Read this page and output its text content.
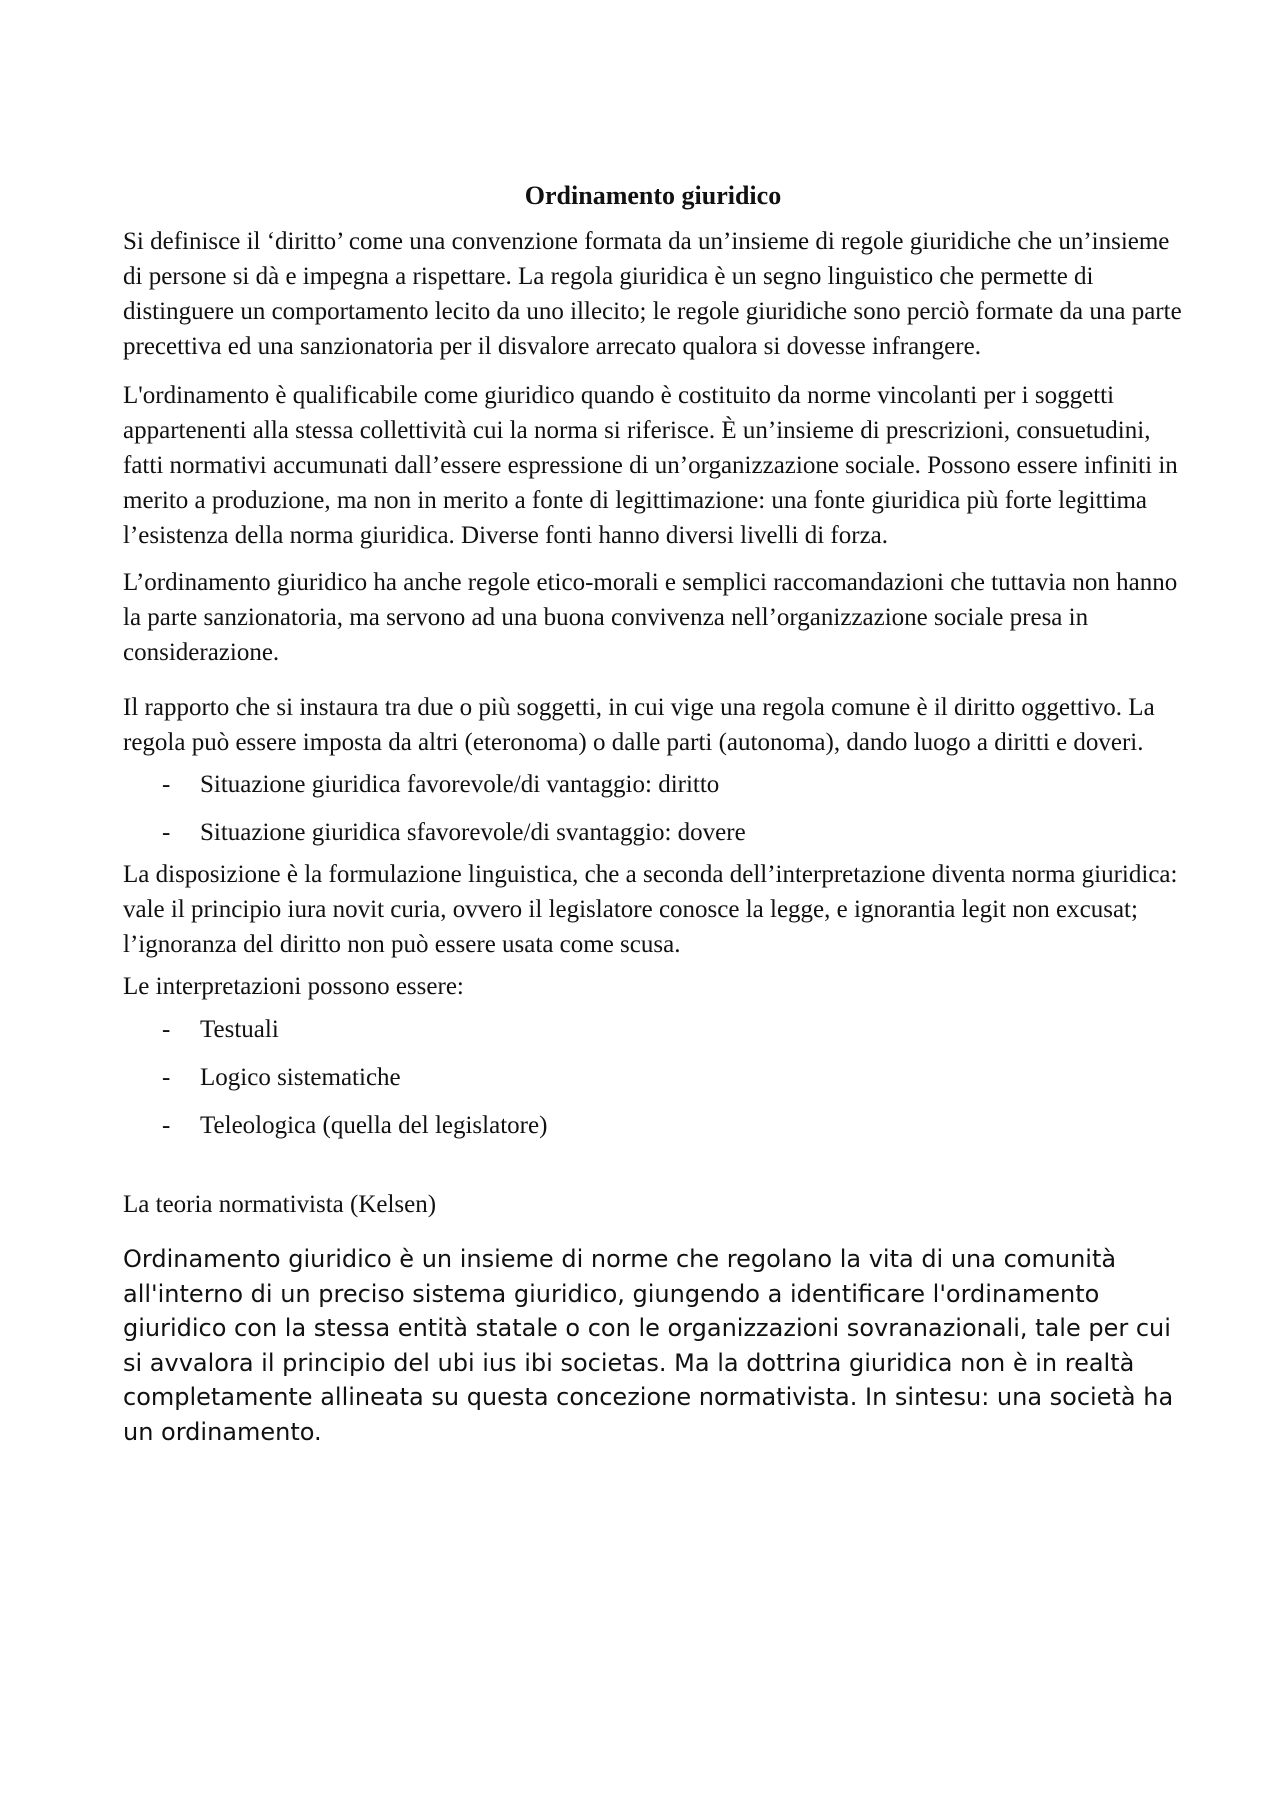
Ordinamento giuridico

Si definisce il ‘diritto’ come una convenzione formata da un’insieme di regole giuridiche che un’insieme di persone si dà e impegna a rispettare. La regola giuridica è un segno linguistico che permette di distinguere un comportamento lecito da uno illecito; le regole giuridiche sono perciò formate da una parte precettiva ed una sanzionatoria per il disvalore arrecato qualora si dovesse infrangere.

L'ordinamento è qualificabile come giuridico quando è costituito da norme vincolanti per i soggetti appartenenti alla stessa collettività cui la norma si riferisce. È un’insieme di prescrizioni, consuetudini, fatti normativi accumunati dall’essere espressione di un’organizzazione sociale. Possono essere infiniti in merito a produzione, ma non in merito a fonte di legittimazione: una fonte giuridica più forte legittima l’esistenza della norma giuridica. Diverse fonti hanno diversi livelli di forza.

L’ordinamento giuridico ha anche regole etico-morali e semplici raccomandazioni che tuttavia non hanno la parte sanzionatoria, ma servono ad una buona convivenza nell’organizzazione sociale presa in considerazione.

Il rapporto che si instaura tra due o più soggetti, in cui vige una regola comune è il diritto oggettivo. La regola può essere imposta da altri (eteronoma) o dalle parti (autonoma), dando luogo a diritti e doveri.

- Situazione giuridica favorevole/di vantaggio: diritto
- Situazione giuridica sfavorevole/di svantaggio: dovere

La disposizione è la formulazione linguistica, che a seconda dell’interpretazione diventa norma giuridica: vale il principio iura novit curia, ovvero il legislatore conosce la legge, e ignorantia legit non excusat; l’ignoranza del diritto non può essere usata come scusa.

Le interpretazioni possono essere:

- Testuali
- Logico sistematiche
- Teleologica (quella del legislatore)

La teoria normativista (Kelsen)

Ordinamento giuridico è un insieme di norme che regolano la vita di una comunità all'interno di un preciso sistema giuridico, giungendo a identificare l'ordinamento giuridico con la stessa entità statale o con le organizzazioni sovranazionali, tale per cui si avvalora il principio del ubi ius ibi societas. Ma la dottrina giuridica non è in realtà completamente allineata su questa concezione normativista. In sintesu: una società ha un ordinamento.
